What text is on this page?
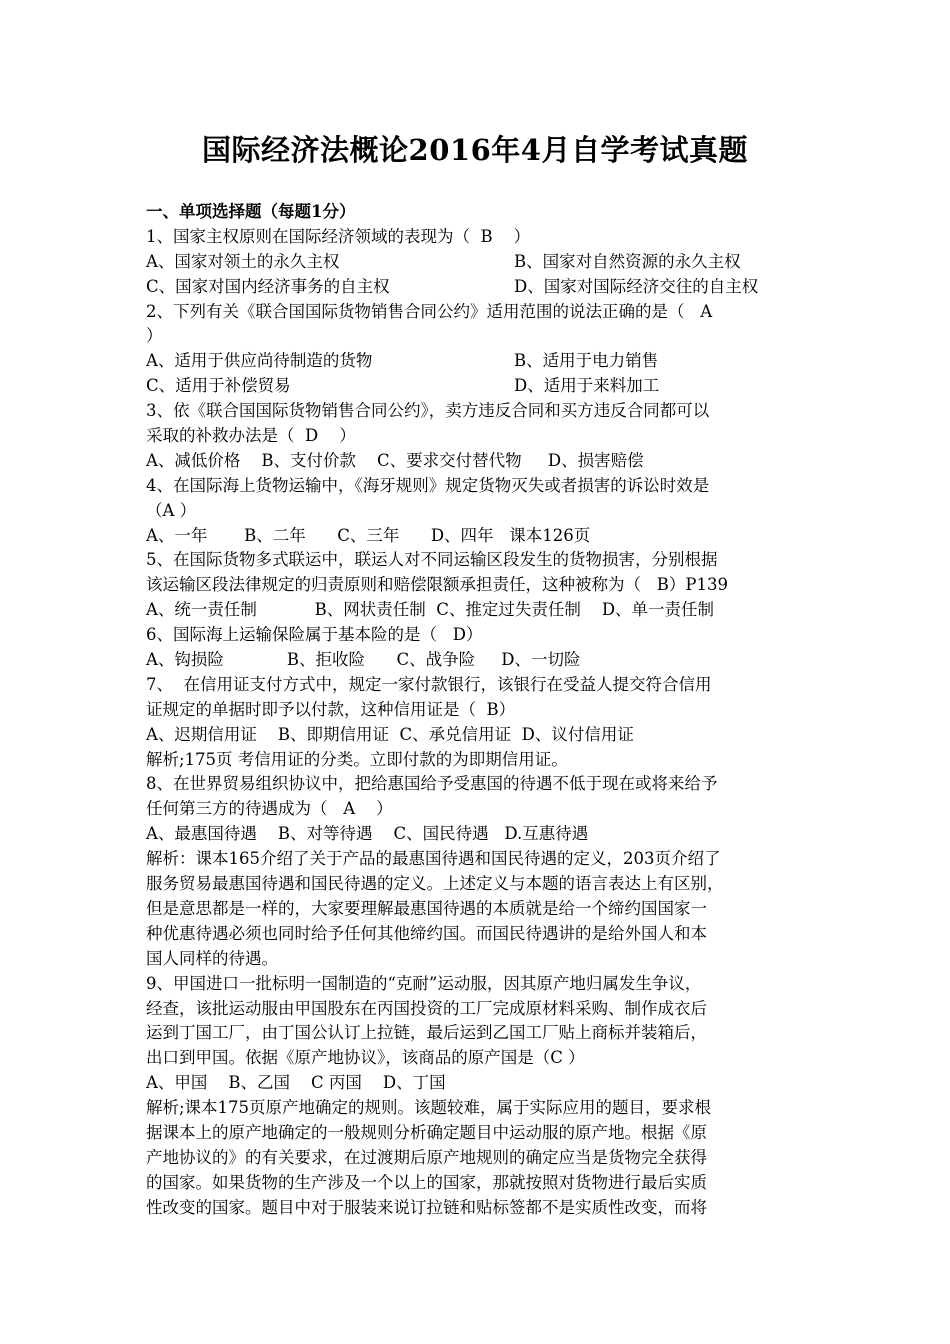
国际经济法概论2016年4月自学考试真题
一、单项选择题（每题1分）
1、国家主权原则在国际经济领域的表现为（  B    ）
A、国家对领土的永久主权	B、国家对自然资源的永久主权
C、国家对国内经济事务的自主权	D、国家对国际经济交往的自主权
2、下列有关《联合国国际货物销售合同公约》适用范围的说法正确的是（   A
）
A、适用于供应尚待制造的货物	B、适用于电力销售
C、适用于补偿贸易	D、适用于来料加工
3、依《联合国国际货物销售合同公约》，卖方违反合同和买方违反合同都可以
采取的补救办法是（  D    ）
A、减低价格    B、支付价款    C、要求交付替代物     D、损害赔偿
4、在国际海上货物运输中，《海牙规则》规定货物灭失或者损害的诉讼时效是
（A ）
A、一年       B、二年      C、三年      D、四年   课本126页
5、在国际货物多式联运中，联运人对不同运输区段发生的货物损害，分别根据
该运输区段法律规定的归责原则和赔偿限额承担责任，这种被称为（   B）P139
A、统一责任制           B、网状责任制  C、推定过失责任制    D、单一责任制
6、国际海上运输保险属于基本险的是（   D）
A、钩损险            B、拒收险      C、战争险     D、一切险
7、  在信用证支付方式中，规定一家付款银行，该银行在受益人提交符合信用
证规定的单据时即予以付款，这种信用证是（  B）
A、迟期信用证    B、即期信用证  C、承兑信用证  D、议付信用证
解析;175页 考信用证的分类。立即付款的为即期信用证。
8、在世界贸易组织协议中，把给惠国给予受惠国的待遇不低于现在或将来给予
任何第三方的待遇成为（   A    ）
A、最惠国待遇    B、对等待遇    C、国民待遇   D.互惠待遇
解析：课本165介绍了关于产品的最惠国待遇和国民待遇的定义，203页介绍了
服务贸易最惠国待遇和国民待遇的定义。上述定义与本题的语言表达上有区别，
但是意思都是一样的，大家要理解最惠国待遇的本质就是给一个缔约国国家一
种优惠待遇必须也同时给予任何其他缔约国。而国民待遇讲的是给外国人和本
国人同样的待遇。
9、甲国进口一批标明一国制造的“克耐”运动服，因其原产地归属发生争议，
经查，该批运动服由甲国股东在丙国投资的工厂完成原材料采购、制作成衣后
运到丁国工厂，由丁国公认订上拉链，最后运到乙国工厂贴上商标并装箱后，
出口到甲国。依据《原产地协议》，该商品的原产国是（C ）
A、甲国    B、乙国    C 丙国    D、丁国
解析;课本175页原产地确定的规则。该题较难，属于实际应用的题目，要求根
据课本上的原产地确定的一般规则分析确定题目中运动服的原产地。根据《原
产地协议的》的有关要求，在过渡期后原产地规则的确定应当是货物完全获得
的国家。如果货物的生产涉及一个以上的国家，那就按照对货物进行最后实质
性改变的国家。题目中对于服装来说订拉链和贴标签都不是实质性改变，而将
